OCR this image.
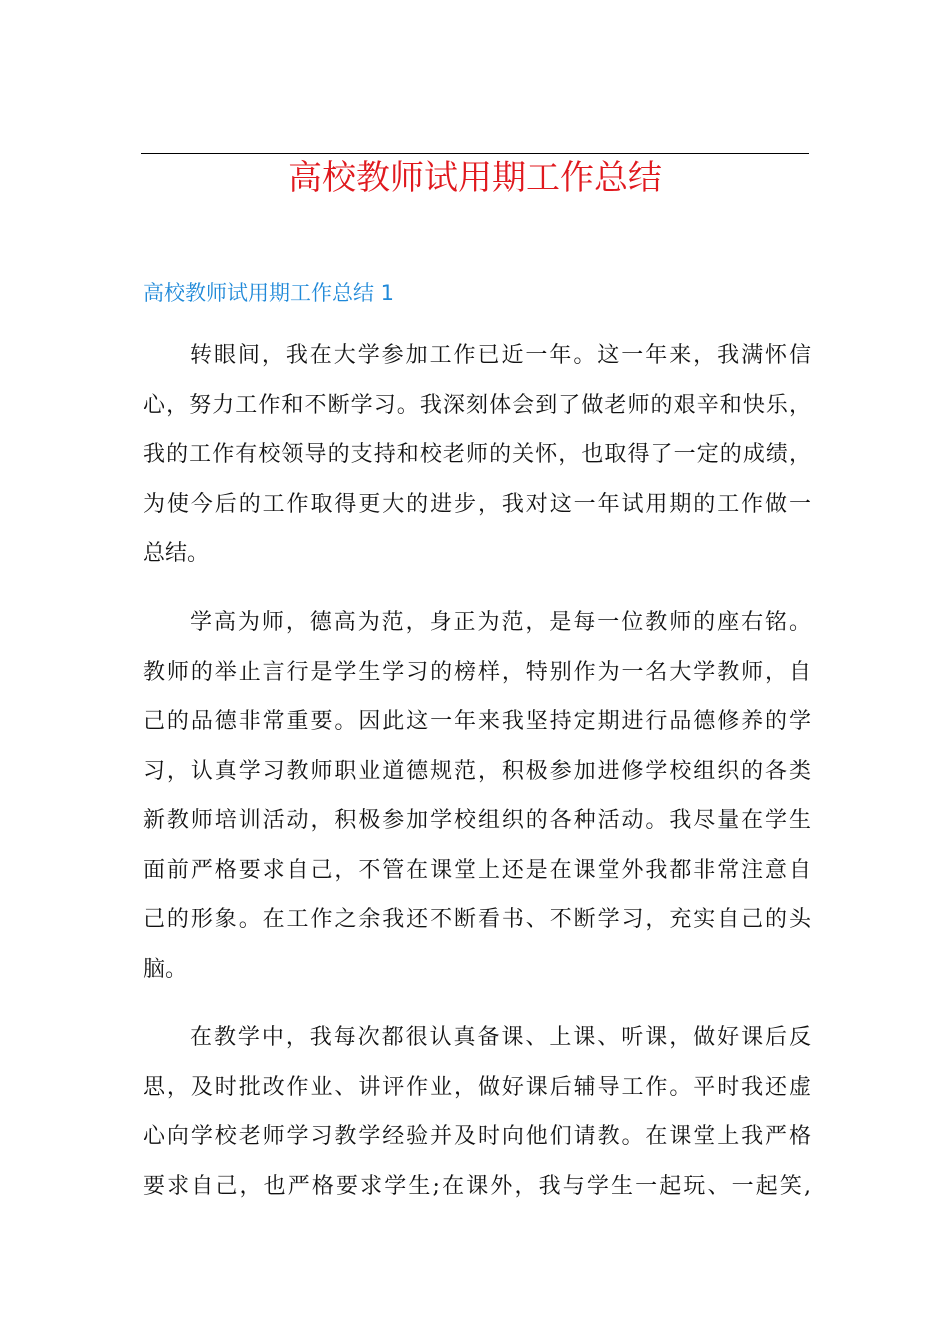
高校教师试用期工作总结
高校教师试用期工作总结 1
转眼间，我在大学参加工作已近一年。这一年来，我满怀信
心，努力工作和不断学习。我深刻体会到了做老师的艰辛和快乐，
我的工作有校领导的支持和校老师的关怀，也取得了一定的成绩，
为使今后的工作取得更大的进步，我对这一年试用期的工作做一
总结。
学高为师，德高为范，身正为范，是每一位教师的座右铭。
教师的举止言行是学生学习的榜样，特别作为一名大学教师，自
己的品德非常重要。因此这一年来我坚持定期进行品德修养的学
习，认真学习教师职业道德规范，积极参加进修学校组织的各类
新教师培训活动，积极参加学校组织的各种活动。我尽量在学生
面前严格要求自己，不管在课堂上还是在课堂外我都非常注意自
己的形象。在工作之余我还不断看书、不断学习，充实自己的头
脑。
在教学中，我每次都很认真备课、上课、听课，做好课后反
思，及时批改作业、讲评作业，做好课后辅导工作。平时我还虚
心向学校老师学习教学经验并及时向他们请教。在课堂上我严格
要求自己，也严格要求学生;在课外，我与学生一起玩、一起笑,
